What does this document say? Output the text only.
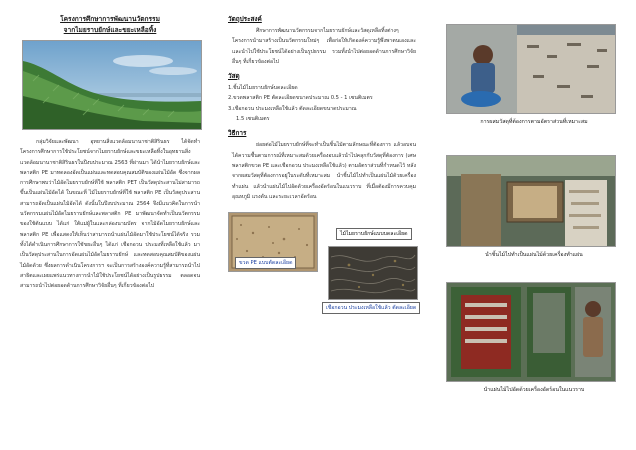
โครงการศึกษาการพัฒนานวัตกรรม
จากไมยราบยักษ์และขยะเหลือทิ้ง
กลุ่มวิจัยและพัฒนา อุทยานสิ่งแวดล้อมนานาชาติสิรินธร ได้จัดทำโครงการศึกษาการใช้ประโยชน์จากไมยราบยักษ์และขยะเหลือทิ้งในอุทยานสิ่งแวดล้อมนานาชาติสิรินธรในปีงบประมาณ 2563 ที่ผ่านมา ได้นำไมยราบยักษ์และพลาสติก PE มาทดลองอัดเป็นแผ่นและทดสอบคุณสมบัติของแผ่นไม้อัด ซึ่งจากผลการศึกษาพบว่าไม้อัดไมยราบยักษ์ที่ใช้ พลาสติก PET เป็นวัสดุประสานไม่สามารถขึ้นเป็นแผ่นไม้อัดได้ ในขณะที่ ไม้ไมยราบยักษ์ที่ใช้ พลาสติก PE เป็นวัสดุประสานสามารถอัดเป็นแผ่นไม้อัดได้ ดังนั้นในปีงบประมาณ 2564 จึงมีแนวคิดในการนำนวัตกรรมแผ่นไม้อัดไมยราบยักษ์และพลาสติก PE มาพัฒนาจัดทำเป็นนวัตกรรมของใช้ต้นแบบ ได้แก่ ใต้แม่ผู้ในและกล่องนามบัตร จากไม้อัดไมยราบยักษ์และพลาสติก PE เพื่อแสดงให้เห็นว่าสามารถนำแผ่นไม้อัดมาใช้ประโยชน์ได้จริง รวมทั้งได้ดำเนินการศึกษาการใช้ขยะอื่นๆ ได้แก่ เชือกอวน ประมงที่เหลือใช้แล้ว มาเป็นวัสดุประสานในการอัดแผ่นไม้อัดไมยราบยักษ์ และทดสอบคุณสมบัติของแผ่นไม้อัดด้วย ซึ่งผลการดำเนินโครงการฯ จะเป็นการสร้างองค์ความรู้ที่สามารถนำไปสาธิตและเผยแพร่แนวทางการนำไม้ใช้ประโยชน์ได้อย่างเป็นรูปธรรม ตลอดจนสามารถนำไปต่อยอดด้านการศึกษาวิจัยอื่นๆ ที่เกี่ยวข้องต่อไป
วัตถุประสงค์
ศึกษาการพัฒนานวัตกรรมจากไมยราบยักษ์และวัสดุเหลือทิ้งต่างๆ โครงการนำมาสร้างเป็นนวัตกรรมใหม่ๆ เพื่อก่อให้เกิดองค์ความรู้พึ่งพาตนเองและ และนำไปใช้ประโยชน์ได้อย่างเป็นรูปธรรม รวมทั้งนำไปต่อยอดด้านการศึกษาวิจัยอื่นๆ ที่เกี่ยวข้องต่อไป
วัสดุ
1.ชิ้นไม้ไมยราบยักษ์บดละเอียด
2.ขวดพลาสติก PE ตัดละเอียดขนาดประมาณ 0.5 - 1 เซนติเมตร
3.เชือกอวน ประมงเหลือใช้แล้ว ตัดละเอียดขนาดประมาณ
1.5 เซนติเมตร
วิธีการ
ย่อยต่อไม้ไมยราบยักษ์ที่จะทำเป็นชิ้นไม้ตามลักษณะที่ต้องการ แล้วอบจนได้ความชื้นตามการณ์ที่เหมาะสมด้วยเครื่องอบแล้วนำไปคลุกกับวัสดุที่ต้องการ (เศษพลาสติกขวด PE และเชือกอวน ประมงเหลือใช้แล้ว) ตามอัตราส่วนที่กำหนดไว้ หลังจากผสมวัสดุที่ต้องการอยู่ในระดับที่เหมาะสม นำชิ้นไม้ไปทำเป็นแผ่นไม้ด้วยเครื่องทำแผ่น แล้วนำแผ่นไม้ไปอัดด้วยเครื่องอัดร้อนในแนวราบ ที่เมื่อต้องมีการควบคุมอุณหภูมิ แรงดัน และระยะเวลาอัดร้อน
ขวด PE แบบตัดละเอียด
ไม้ไมยราบยักษ์แบบบดละเอียด
เชือกอวน ประมงเหลือใช้แล้ว ตัดละเอียด
การผสมวัสดุที่ต้องการตามอัตราส่วนที่เหมาะสม
นำชิ้นไม้ไปทำเป็นแผ่นไม้ด้วยเครื่องทำแผ่น
นำแผ่นไม้ไปอัดด้วยเครื่องอัดร้อนในแนวราบ
